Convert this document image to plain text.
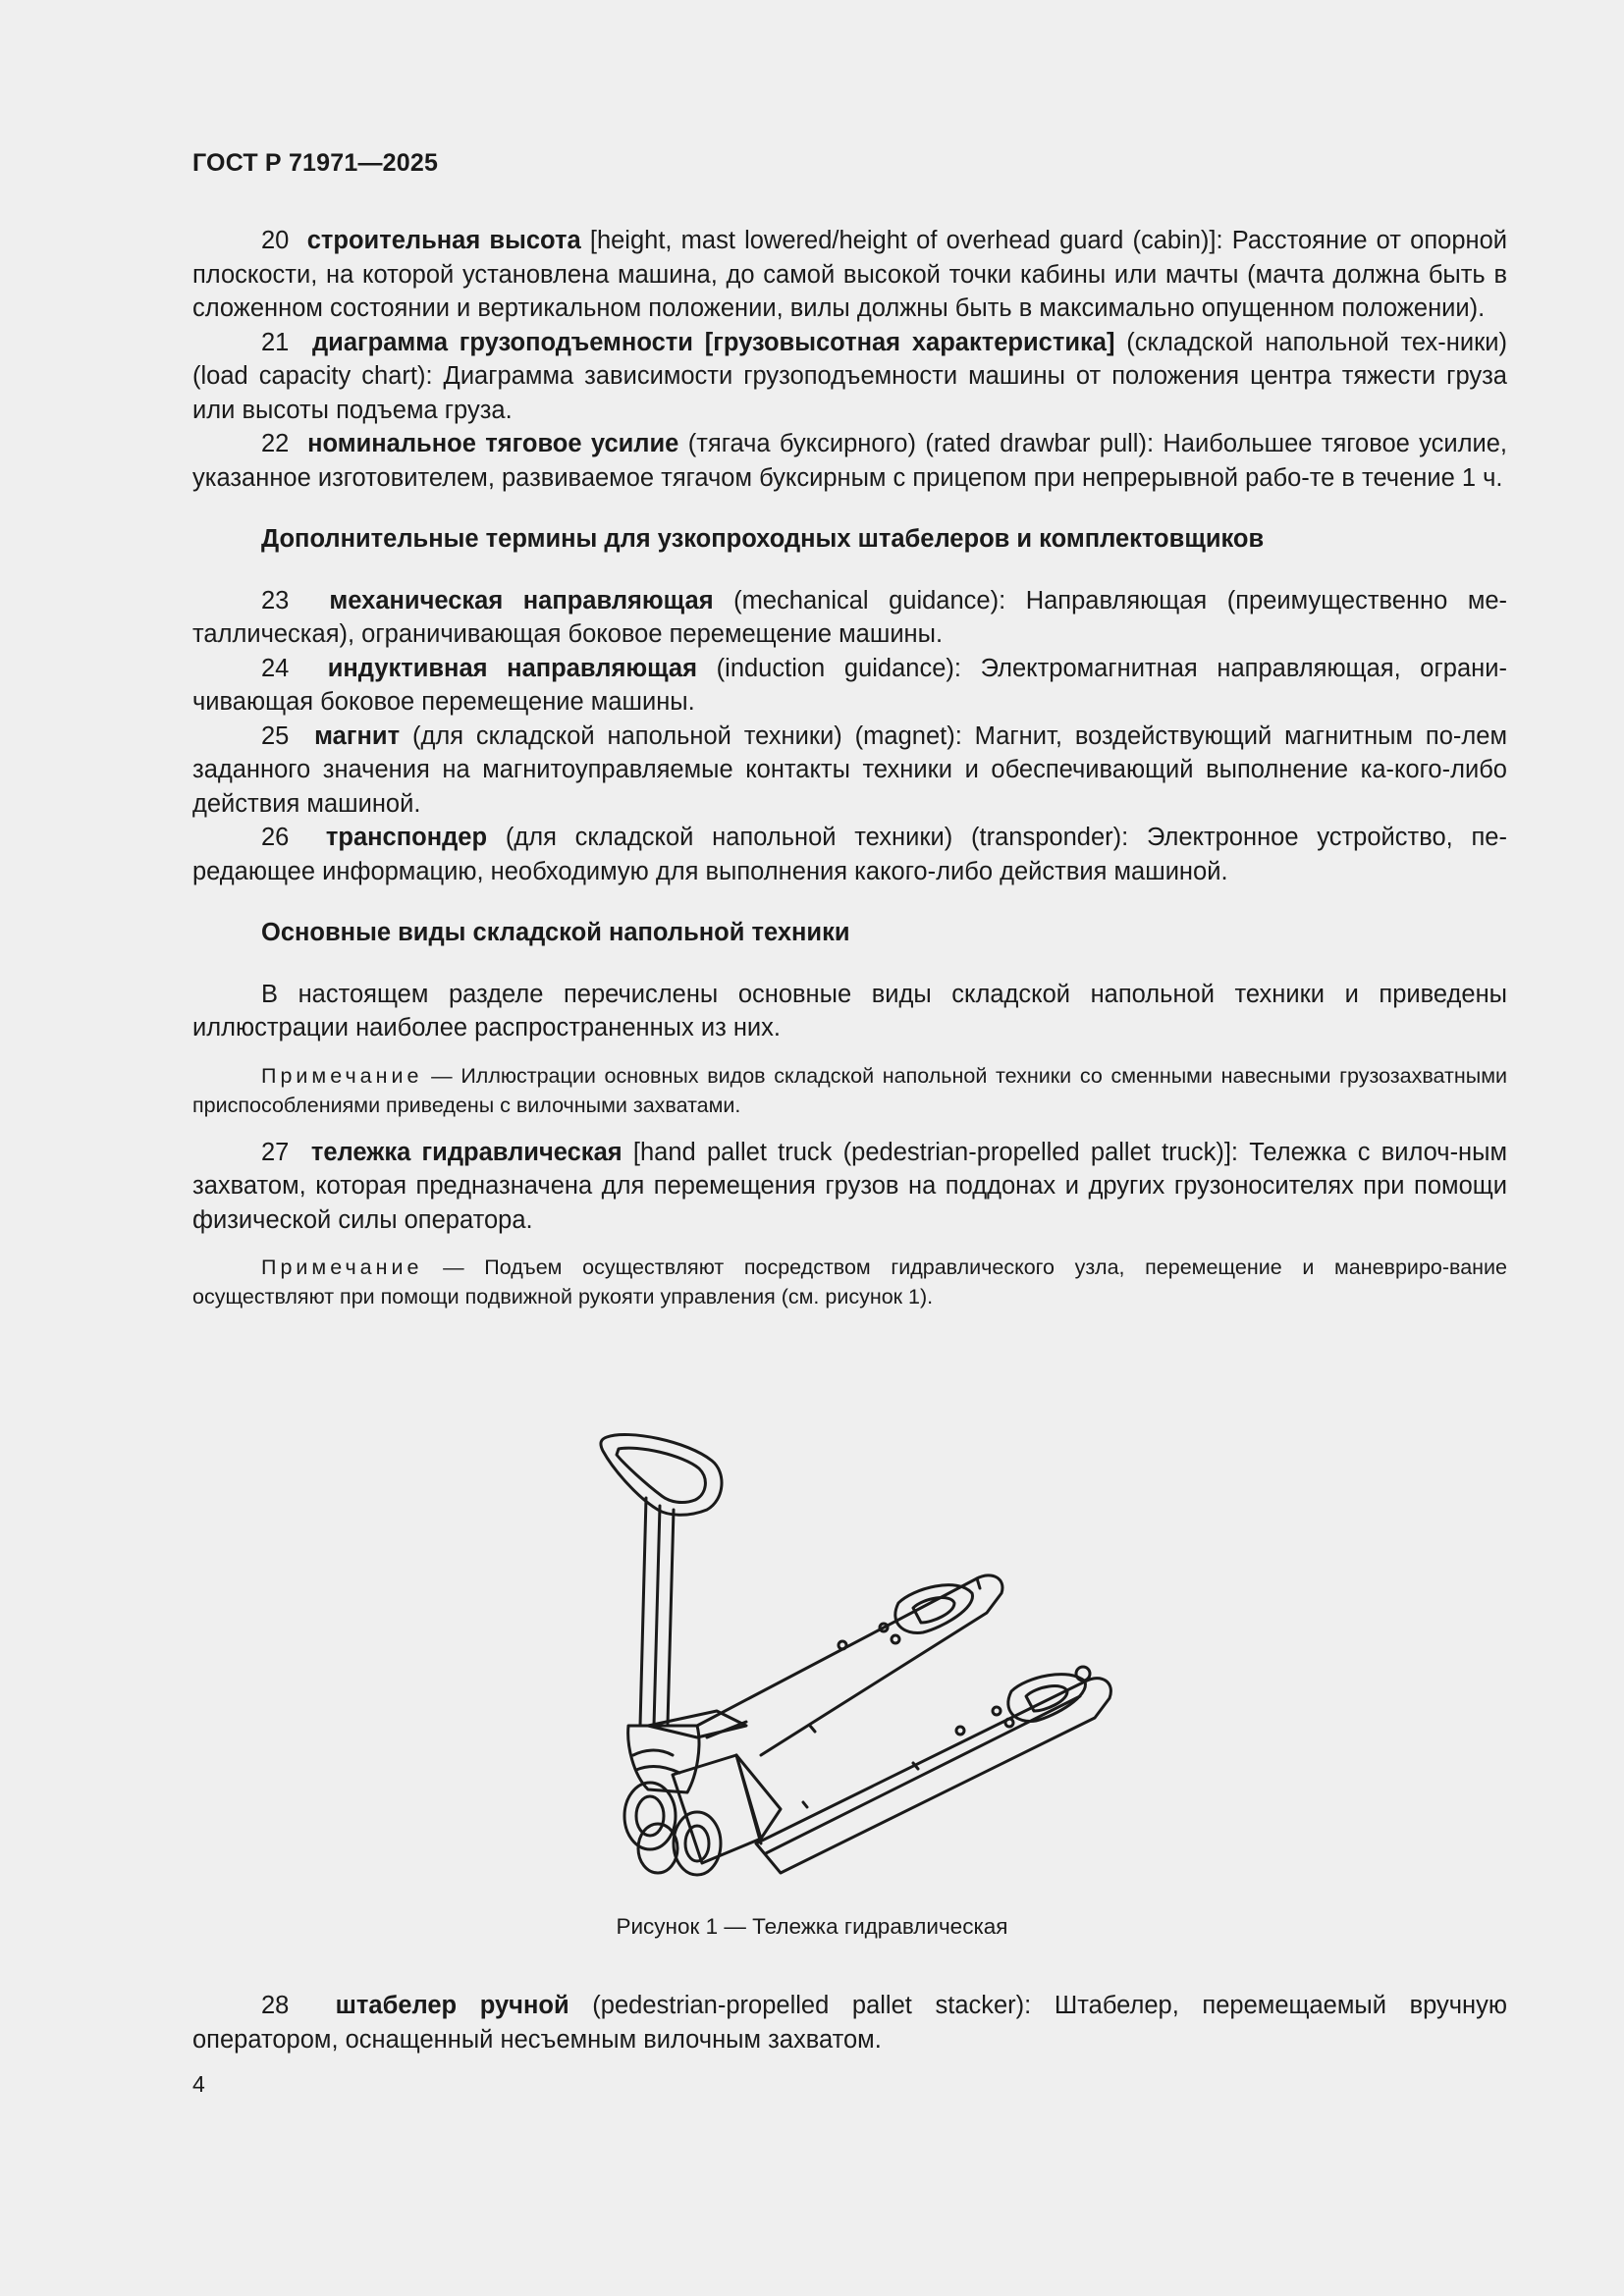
ГОСТ Р 71971—2025

20 строительная высота [height, mast lowered/height of overhead guard (cabin)]: Расстояние от опорной плоскости, на которой установлена машина, до самой высокой точки кабины или мачты (мачта должна быть в сложенном состоянии и вертикальном положении, вилы должны быть в максимально опущенном положении).

21 диаграмма грузоподъемности [грузовысотная характеристика] (складской напольной тех-ники) (load capacity chart): Диаграмма зависимости грузоподъемности машины от положения центра тяжести груза или высоты подъема груза.

22 номинальное тяговое усилие (тягача буксирного) (rated drawbar pull): Наибольшее тяговое усилие, указанное изготовителем, развиваемое тягачом буксирным с прицепом при непрерывной рабо-те в течение 1 ч.

Дополнительные термины для узкопроходных штабелеров и комплектовщиков

23 механическая направляющая (mechanical guidance): Направляющая (преимущественно ме-таллическая), ограничивающая боковое перемещение машины.

24 индуктивная направляющая (induction guidance): Электромагнитная направляющая, ограни-чивающая боковое перемещение машины.

25 магнит (для складской напольной техники) (magnet): Магнит, воздействующий магнитным по-лем заданного значения на магнитоуправляемые контакты техники и обеспечивающий выполнение ка-кого-либо действия машиной.

26 транспондер (для складской напольной техники) (transponder): Электронное устройство, пе-редающее информацию, необходимую для выполнения какого-либо действия машиной.

Основные виды складской напольной техники

В настоящем разделе перечислены основные виды складской напольной техники и приведены иллюстрации наиболее распространенных из них.

Примечание — Иллюстрации основных видов складской напольной техники со сменными навесными грузозахватными приспособлениями приведены с вилочными захватами.

27 тележка гидравлическая [hand pallet truck (pedestrian-propelled pallet truck)]: Тележка с вилоч-ным захватом, которая предназначена для перемещения грузов на поддонах и других грузоносителях при помощи физической силы оператора.

Примечание — Подъем осуществляют посредством гидравлического узла, перемещение и маневриро-вание осуществляют при помощи подвижной рукояти управления (см. рисунок 1).

Рисунок 1 — Тележка гидравлическая

28 штабелер ручной (pedestrian-propelled pallet stacker): Штабелер, перемещаемый вручную оператором, оснащенный несъемным вилочным захватом.

4
